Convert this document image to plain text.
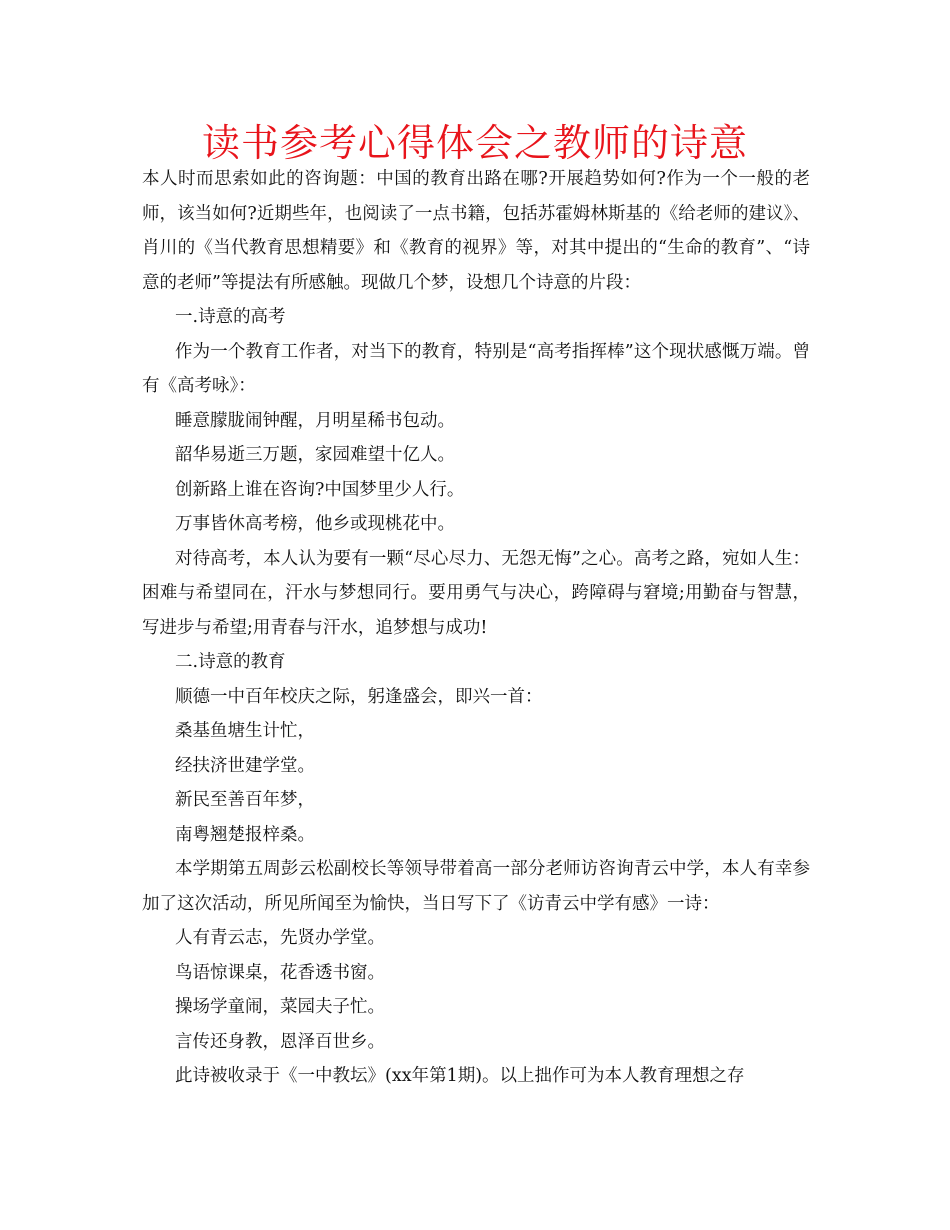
读书参考心得体会之教师的诗意

本人时而思索如此的咨询题：中国的教育出路在哪?开展趋势如何?作为一个一般的老师，该当如何?近期些年，也阅读了一点书籍，包括苏霍姆林斯基的《给老师的建议》、肖川的《当代教育思想精要》和《教育的视界》等，对其中提出的“生命的教育”、“诗意的老师”等提法有所感触。现做几个梦，设想几个诗意的片段：

一.诗意的高考

作为一个教育工作者，对当下的教育，特别是“高考指挥棒”这个现状感慨万端。曾有《高考咏》：

睡意朦胧闹钟醒，月明星稀书包动。

韶华易逝三万题，家园难望十亿人。

创新路上谁在咨询?中国梦里少人行。

万事皆休高考榜，他乡或现桃花中。

对待高考，本人认为要有一颗“尽心尽力、无怨无悔”之心。高考之路，宛如人生：困难与希望同在，汗水与梦想同行。要用勇气与决心，跨障碍与窘境;用勤奋与智慧，写进步与希望;用青春与汗水，追梦想与成功!

二.诗意的教育

顺德一中百年校庆之际，躬逢盛会，即兴一首：

桑基鱼塘生计忙，

经扶济世建学堂。

新民至善百年梦，

南粤翘楚报梓桑。

本学期第五周彭云松副校长等领导带着高一部分老师访咨询青云中学，本人有幸参加了这次活动，所见所闻至为愉快，当日写下了《访青云中学有感》一诗：

人有青云志，先贤办学堂。

鸟语惊课桌，花香透书窗。

操场学童闹，菜园夫子忙。

言传还身教，恩泽百世乡。

此诗被收录于《一中教坛》(xx年第1期)。以上拙作可为本人教育理想之存
